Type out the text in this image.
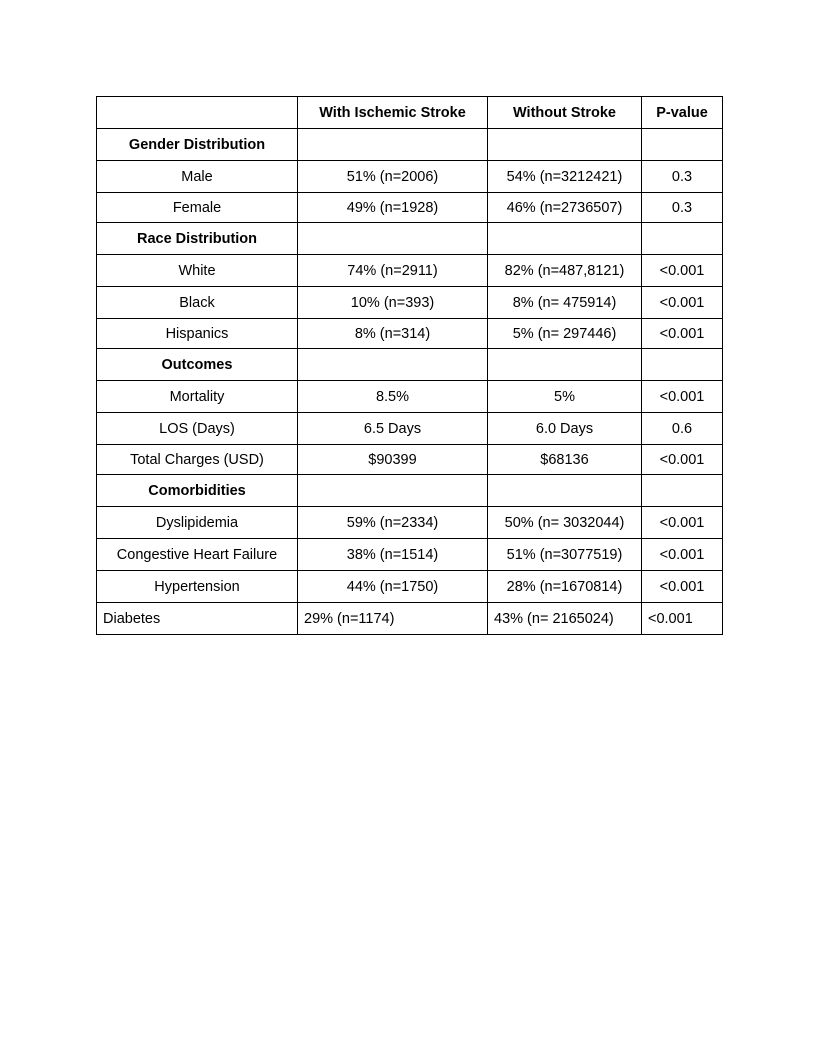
	With Ischemic Stroke	Without Stroke	P-value
Gender Distribution			
Male	51% (n=2006)	54% (n=3212421)	0.3
Female	49% (n=1928)	46% (n=2736507)	0.3
Race Distribution			
White	74% (n=2911)	82% (n=487,8121)	<0.001
Black	10% (n=393)	8% (n= 475914)	<0.001
Hispanics	8% (n=314)	5% (n= 297446)	<0.001
Outcomes			
Mortality	8.5%	5%	<0.001
LOS (Days)	6.5 Days	6.0 Days	0.6
Total Charges (USD)	$90399	$68136	<0.001
Comorbidities			
Dyslipidemia	59% (n=2334)	50% (n= 3032044)	<0.001
Congestive Heart Failure	38% (n=1514)	51% (n=3077519)	<0.001
Hypertension	44% (n=1750)	28% (n=1670814)	<0.001
Diabetes	29% (n=1174)	43% (n= 2165024)	<0.001
